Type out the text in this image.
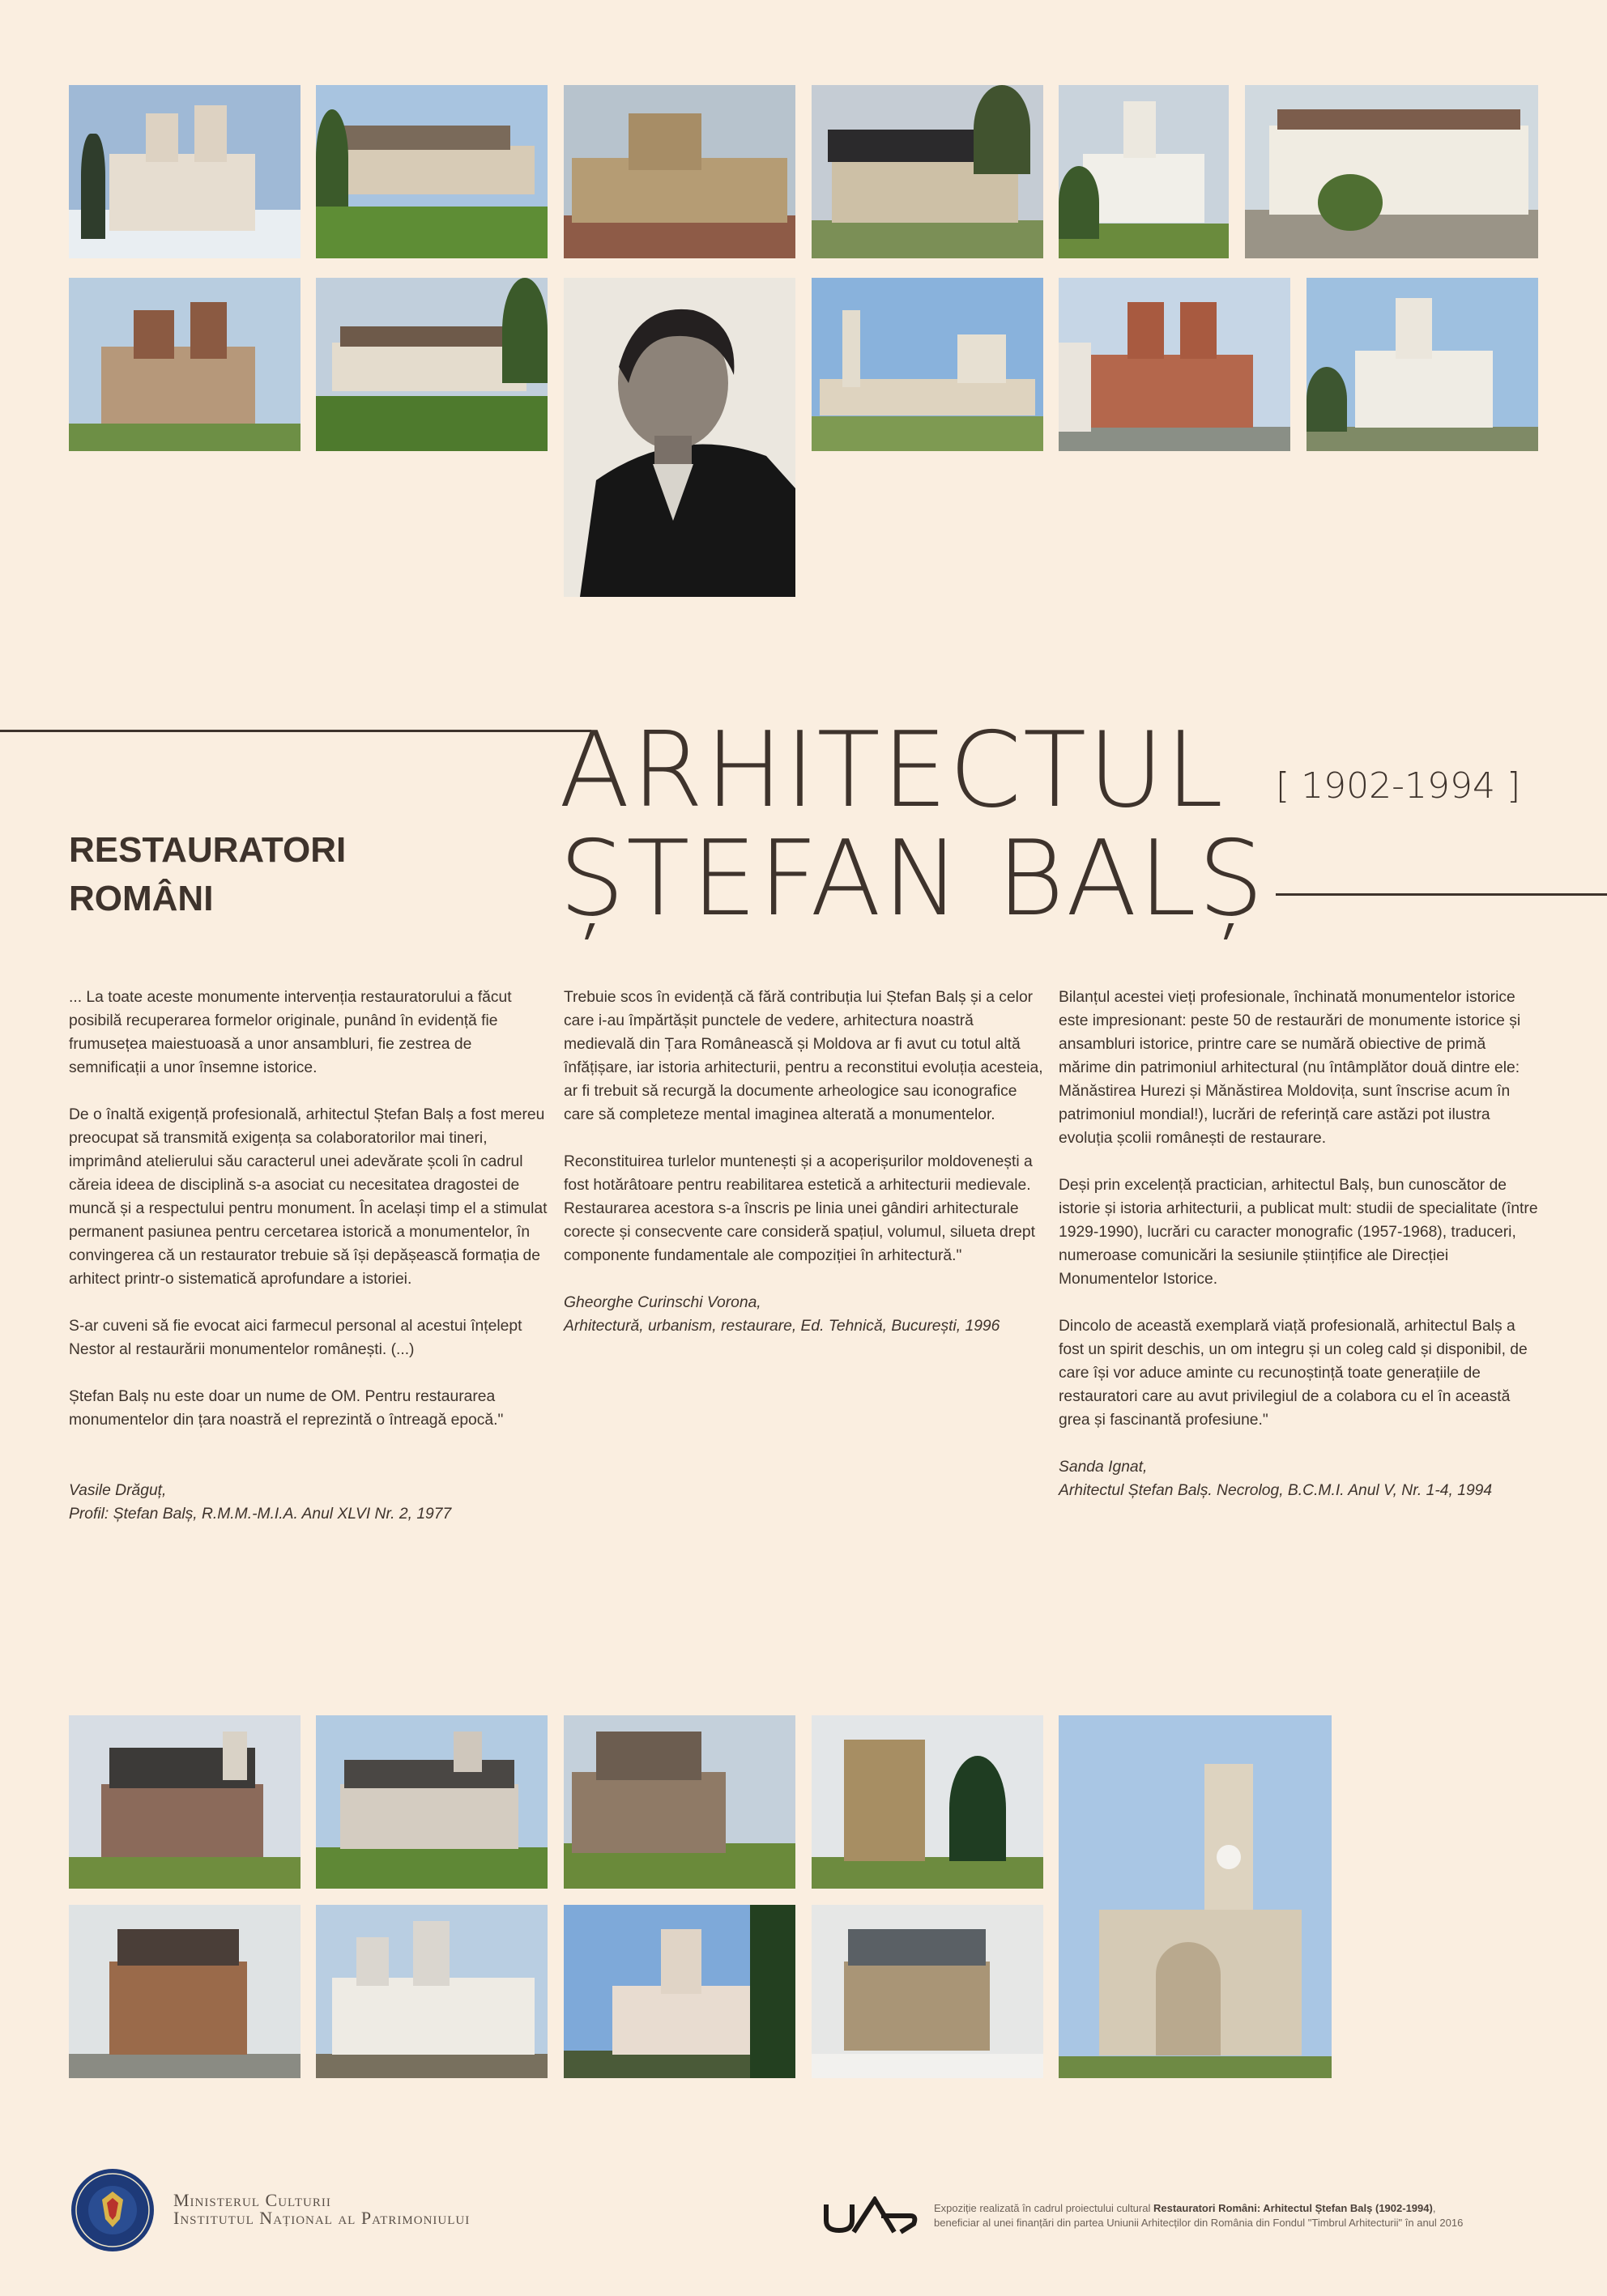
ARHITECTUL [ 1902-1994 ]
ȘTEFAN BALȘ
RESTAURATORI
ROMÂNI

... La toate aceste monumente intervenția restauratorului a făcut posibilă recuperarea formelor originale, punând în evidență fie frumusețea maiestuoasă a unor ansambluri, fie zestrea de semnificații a unor însemne istorice.

De o înaltă exigență profesională, arhitectul Ștefan Balș a fost mereu preocupat să transmită exigența sa colaboratorilor mai tineri, imprimând atelierului său caracterul unei adevărate școli în cadrul căreia ideea de disciplină s-a asociat cu necesitatea dragostei de muncă și a respectului pentru monument. În același timp el a stimulat permanent pasiunea pentru cercetarea istorică a monumentelor, în convingerea că un restaurator trebuie să își depășească formația de arhitect printr-o sistematică aprofundare a istoriei.

S-ar cuveni să fie evocat aici farmecul personal al acestui înțelept Nestor al restaurării monumentelor românești. (...)

Ștefan Balș nu este doar un nume de OM. Pentru restaurarea monumentelor din țara noastră el reprezintă o întreagă epocă."

Vasile Drăguț,
Profil: Ștefan Balș, R.M.M.-M.I.A. Anul XLVI Nr. 2, 1977

Trebuie scos în evidență că fără contribuția lui Ștefan Balș și a celor care i-au împărtășit punctele de vedere, arhitectura noastră medievală din Țara Românească și Moldova ar fi avut cu totul altă înfățișare, iar istoria arhitecturii, pentru a reconstitui evoluția acesteia, ar fi trebuit să recurgă la documente arheologice sau iconografice care să completeze mental imaginea alterată a monumentelor.

Reconstituirea turlelor muntenești și a acoperișurilor moldovenești a fost hotărâtoare pentru reabilitarea estetică a arhitecturii medievale. Restaurarea acestora s-a înscris pe linia unei gândiri arhitecturale corecte și consecvente care consideră spațiul, volumul, silueta drept componente fundamentale ale compoziției în arhitectură."

Gheorghe Curinschi Vorona,
Arhitectură, urbanism, restaurare, Ed. Tehnică, București, 1996

Bilanțul acestei vieți profesionale, închinată monumentelor istorice este impresionant: peste 50 de restaurări de monumente istorice și ansambluri istorice, printre care se numără obiective de primă mărime din patrimoniul arhitectural (nu întâmplător două dintre ele: Mănăstirea Hurezi și Mănăstirea Moldovița, sunt înscrise acum în patrimoniul mondial!), lucrări de referință care astăzi pot ilustra evoluția școlii românești de restaurare.

Deși prin excelență practician, arhitectul Balș, bun cunoscător de istorie și istoria arhitecturii, a publicat mult: studii de specialitate (între 1929-1990), lucrări cu caracter monografic (1957-1968), traduceri, numeroase comunicări la sesiunile științifice ale Direcției Monumentelor Istorice.

Dincolo de această exemplară viață profesională, arhitectul Balș a fost un spirit deschis, un om integru și un coleg cald și disponibil, de care își vor aduce aminte cu recunoștință toate generațiile de restauratori care au avut privilegiul de a colabora cu el în această grea și fascinantă profesiune."

Sanda Ignat,
Arhitectul Ștefan Balș. Necrolog, B.C.M.I. Anul V, Nr. 1-4, 1994
Ministerul Culturii
Institutul Național al Patrimoniului	Expoziție realizată în cadrul proiectului cultural Restauratori Români: Arhitectul Ștefan Balș (1902-1994),
beneficiar al unei finanțări din partea Uniunii Arhitecților din România din Fondul "Timbrul Arhitecturii" în anul 2016
